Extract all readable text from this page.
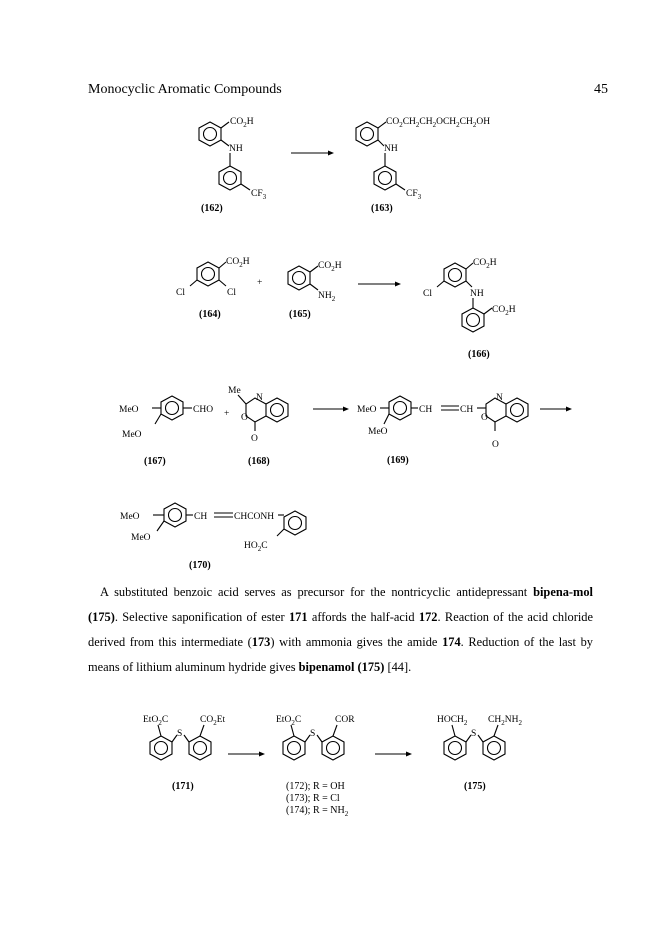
Monocyclic Aromatic Compounds	45
$CO_2H$
NH
$CF_3$
(162)
$CO_2CH_2CH_2OCH_2CH_2OH$
NH
$CF_3$
(163)
$CO_2H$
Cl
Cl
(164)
+
$CO_2H$
$NH_2$
(165)
$CO_2H$
Cl	NH
$CO_2H$
(166)
MeO
MeO
CHO
(167)
+
Me
N
O
O
(168)
MeO
MeO
CH	CH
N
O
O
(169)
MeO
MeO
CH	CHCONH
$HO_2C$
(170)
EtO$_2$C	$CO_2Et$
S
(171)
EtO$_2$C	COR
S
(172); R = OH
(173); R = Cl
(174); $R = NH_2$
$HOCH_2$ $CH_2NH_2$
S
(175)

A substituted benzoic acid serves as precursor for the nontricyclic antidepressant bipena-mol (175). Selective saponification of ester 171 affords the half-acid 172. Reaction of the acid chloride derived from this intermediate (173) with ammonia gives the amide 174. Reduction of the last by means of lithium aluminum hydride gives bipenamol (175) [44].
